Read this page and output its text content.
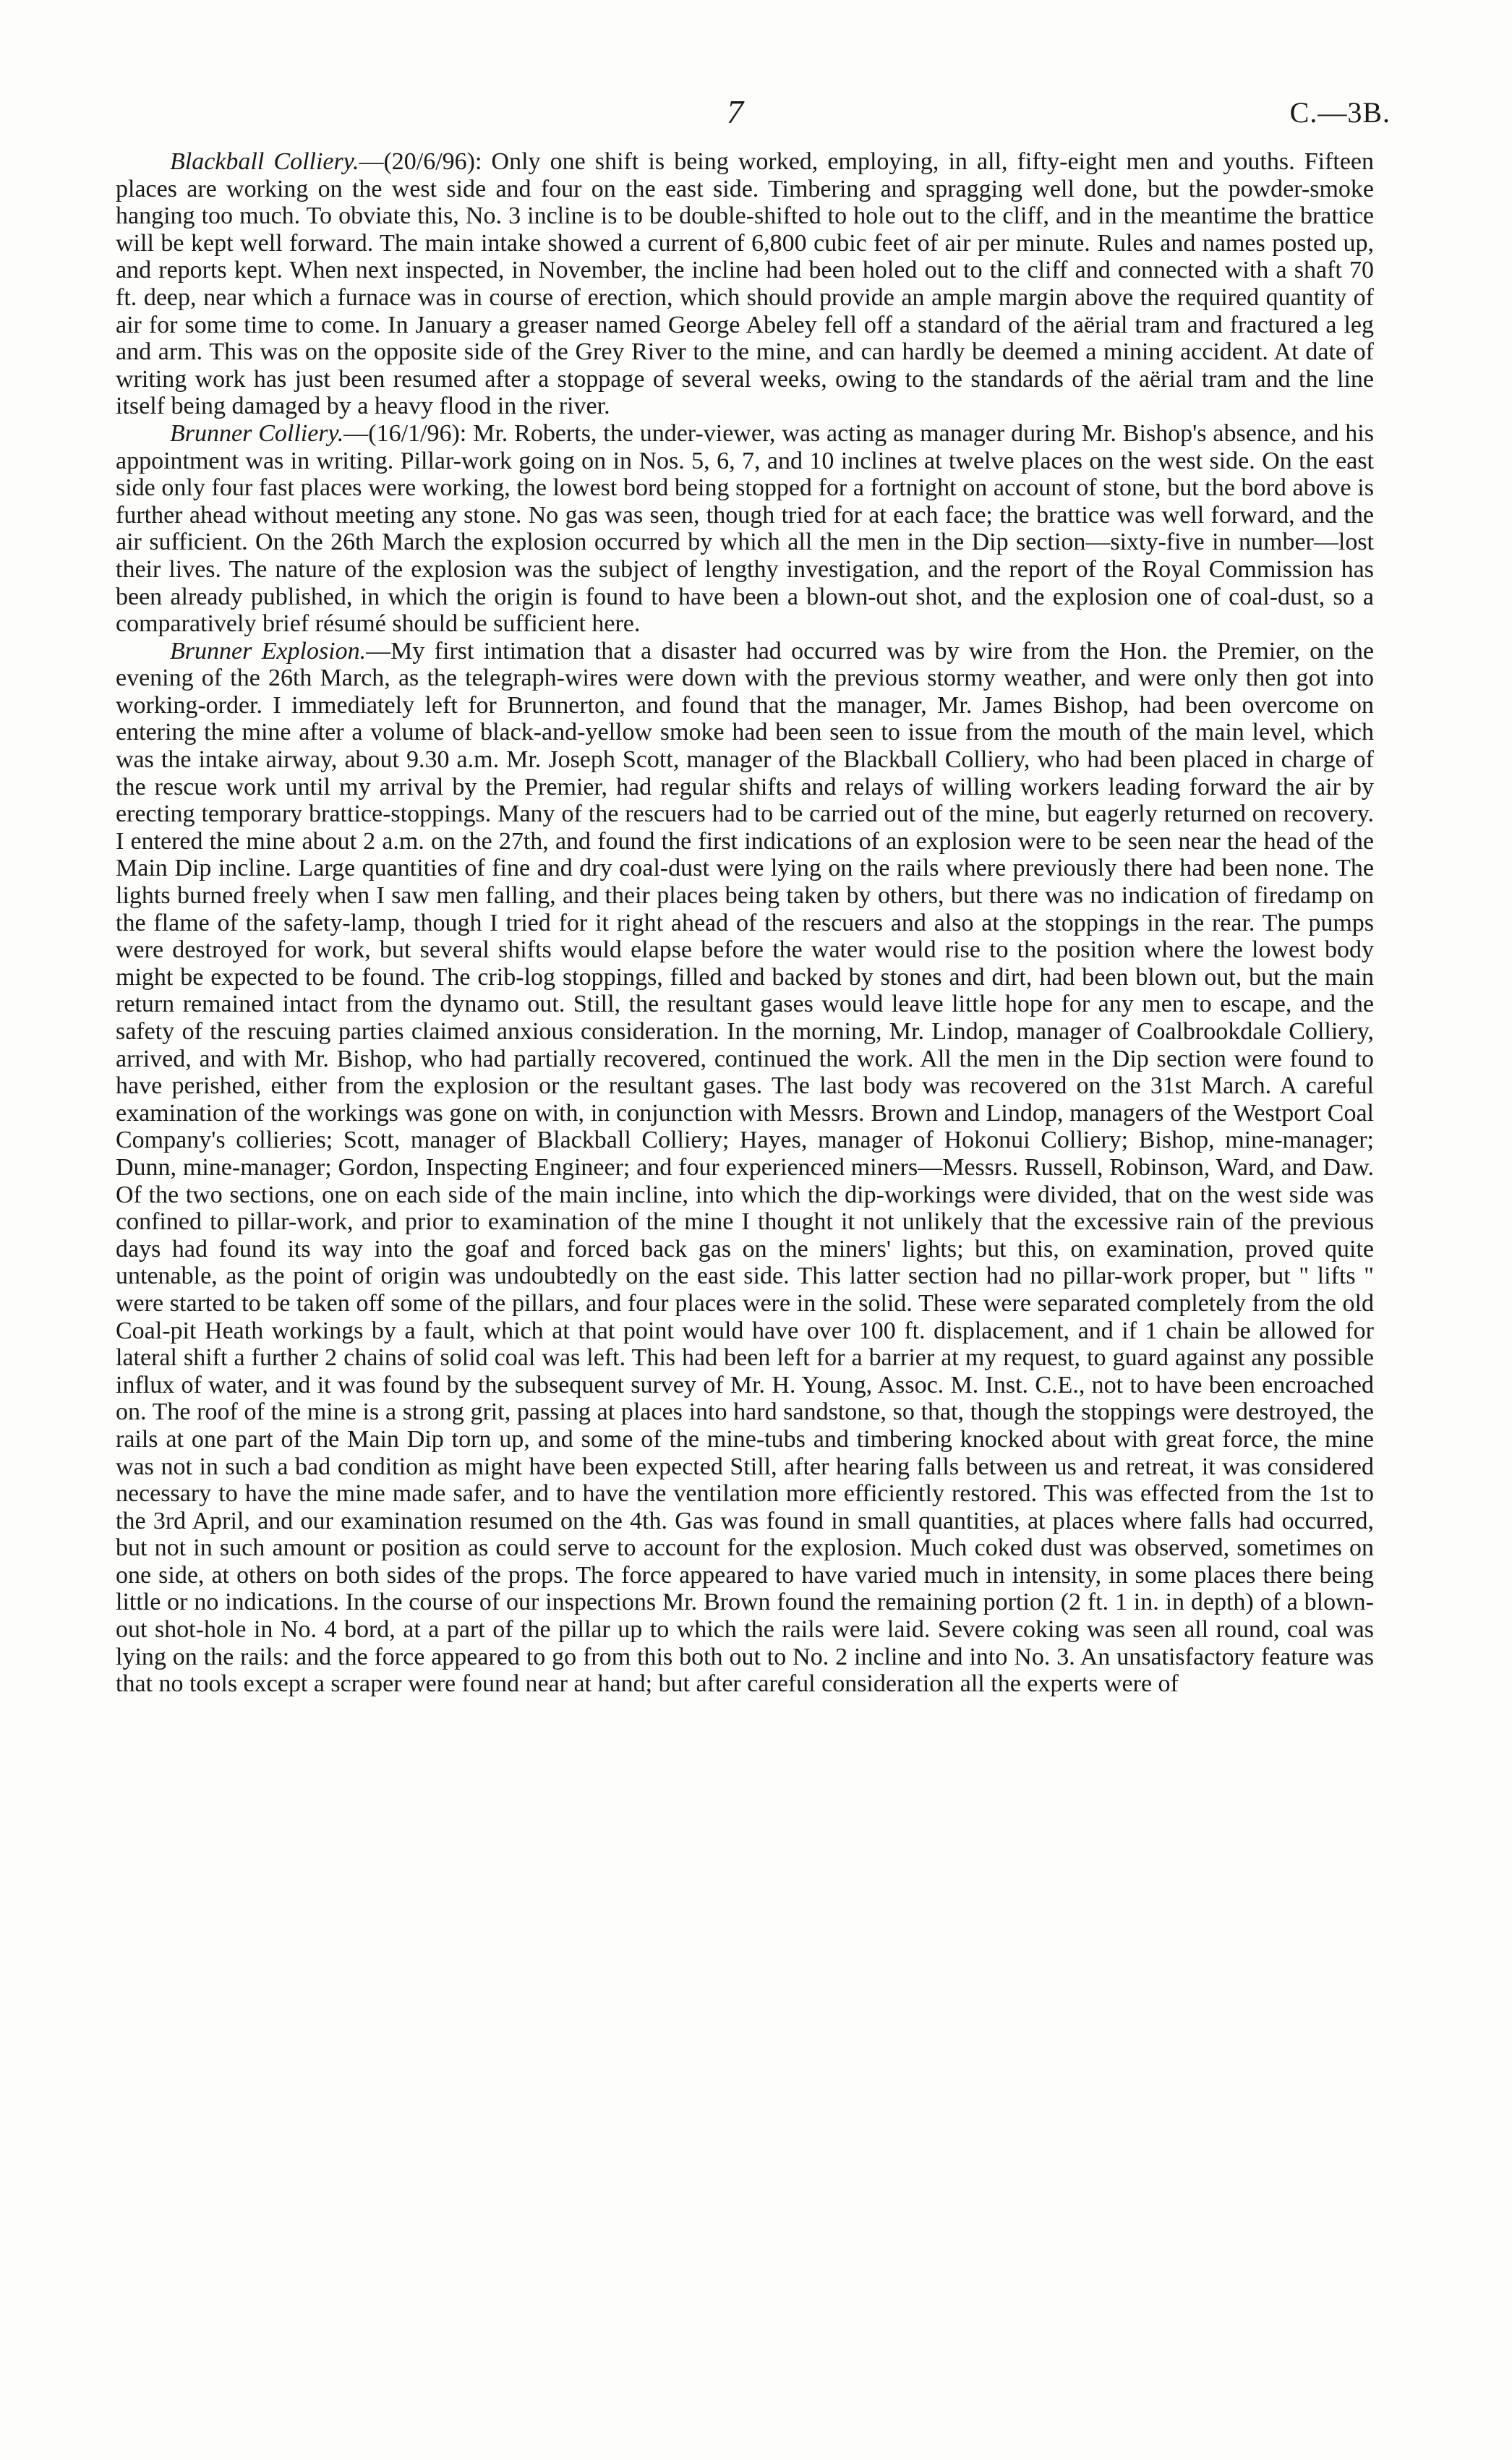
7	C.—3B.

Blackball Colliery.—(20/6/96): Only one shift is being worked, employing, in all, fifty-eight men and youths. Fifteen places are working on the west side and four on the east side. Timbering and spragging well done, but the powder-smoke hanging too much. To obviate this, No. 3 incline is to be double-shifted to hole out to the cliff, and in the meantime the brattice will be kept well forward. The main intake showed a current of 6,800 cubic feet of air per minute. Rules and names posted up, and reports kept. When next inspected, in November, the incline had been holed out to the cliff and connected with a shaft 70 ft. deep, near which a furnace was in course of erection, which should provide an ample margin above the required quantity of air for some time to come. In January a greaser named George Abeley fell off a standard of the aërial tram and fractured a leg and arm. This was on the opposite side of the Grey River to the mine, and can hardly be deemed a mining accident. At date of writing work has just been resumed after a stoppage of several weeks, owing to the standards of the aërial tram and the line itself being damaged by a heavy flood in the river.

Brunner Colliery.—(16/1/96): Mr. Roberts, the under-viewer, was acting as manager during Mr. Bishop's absence, and his appointment was in writing. Pillar-work going on in Nos. 5, 6, 7, and 10 inclines at twelve places on the west side. On the east side only four fast places were working, the lowest bord being stopped for a fortnight on account of stone, but the bord above is further ahead without meeting any stone. No gas was seen, though tried for at each face; the brattice was well forward, and the air sufficient. On the 26th March the explosion occurred by which all the men in the Dip section—sixty-five in number—lost their lives. The nature of the explosion was the subject of lengthy investigation, and the report of the Royal Commission has been already published, in which the origin is found to have been a blown-out shot, and the explosion one of coal-dust, so a comparatively brief résumé should be sufficient here.

Brunner Explosion.—My first intimation that a disaster had occurred was by wire from the Hon. the Premier, on the evening of the 26th March, as the telegraph-wires were down with the previous stormy weather, and were only then got into working-order. I immediately left for Brunnerton, and found that the manager, Mr. James Bishop, had been overcome on entering the mine after a volume of black-and-yellow smoke had been seen to issue from the mouth of the main level, which was the intake airway, about 9.30 a.m. Mr. Joseph Scott, manager of the Blackball Colliery, who had been placed in charge of the rescue work until my arrival by the Premier, had regular shifts and relays of willing workers leading forward the air by erecting temporary brattice-stoppings. Many of the rescuers had to be carried out of the mine, but eagerly returned on recovery. I entered the mine about 2 a.m. on the 27th, and found the first indications of an explosion were to be seen near the head of the Main Dip incline. Large quantities of fine and dry coal-dust were lying on the rails where previously there had been none. The lights burned freely when I saw men falling, and their places being taken by others, but there was no indication of firedamp on the flame of the safety-lamp, though I tried for it right ahead of the rescuers and also at the stoppings in the rear. The pumps were destroyed for work, but several shifts would elapse before the water would rise to the position where the lowest body might be expected to be found. The crib-log stoppings, filled and backed by stones and dirt, had been blown out, but the main return remained intact from the dynamo out. Still, the resultant gases would leave little hope for any men to escape, and the safety of the rescuing parties claimed anxious consideration. In the morning, Mr. Lindop, manager of Coalbrookdale Colliery, arrived, and with Mr. Bishop, who had partially recovered, continued the work. All the men in the Dip section were found to have perished, either from the explosion or the resultant gases. The last body was recovered on the 31st March. A careful examination of the workings was gone on with, in conjunction with Messrs. Brown and Lindop, managers of the Westport Coal Company's collieries; Scott, manager of Blackball Colliery; Hayes, manager of Hokonui Colliery; Bishop, mine-manager; Dunn, mine-manager; Gordon, Inspecting Engineer; and four experienced miners—Messrs. Russell, Robinson, Ward, and Daw. Of the two sections, one on each side of the main incline, into which the dip-workings were divided, that on the west side was confined to pillar-work, and prior to examination of the mine I thought it not unlikely that the excessive rain of the previous days had found its way into the goaf and forced back gas on the miners' lights; but this, on examination, proved quite untenable, as the point of origin was undoubtedly on the east side. This latter section had no pillar-work proper, but " lifts " were started to be taken off some of the pillars, and four places were in the solid. These were separated completely from the old Coal-pit Heath workings by a fault, which at that point would have over 100 ft. displacement, and if 1 chain be allowed for lateral shift a further 2 chains of solid coal was left. This had been left for a barrier at my request, to guard against any possible influx of water, and it was found by the subsequent survey of Mr. H. Young, Assoc. M. Inst. C.E., not to have been encroached on. The roof of the mine is a strong grit, passing at places into hard sandstone, so that, though the stoppings were destroyed, the rails at one part of the Main Dip torn up, and some of the mine-tubs and timbering knocked about with great force, the mine was not in such a bad condition as might have been expected Still, after hearing falls between us and retreat, it was considered necessary to have the mine made safer, and to have the ventilation more efficiently restored. This was effected from the 1st to the 3rd April, and our examination resumed on the 4th. Gas was found in small quantities, at places where falls had occurred, but not in such amount or position as could serve to account for the explosion. Much coked dust was observed, sometimes on one side, at others on both sides of the props. The force appeared to have varied much in intensity, in some places there being little or no indications. In the course of our inspections Mr. Brown found the remaining portion (2 ft. 1 in. in depth) of a blown-out shot-hole in No. 4 bord, at a part of the pillar up to which the rails were laid. Severe coking was seen all round, coal was lying on the rails: and the force appeared to go from this both out to No. 2 incline and into No. 3. An unsatisfactory feature was that no tools except a scraper were found near at hand; but after careful consideration all the experts were of
